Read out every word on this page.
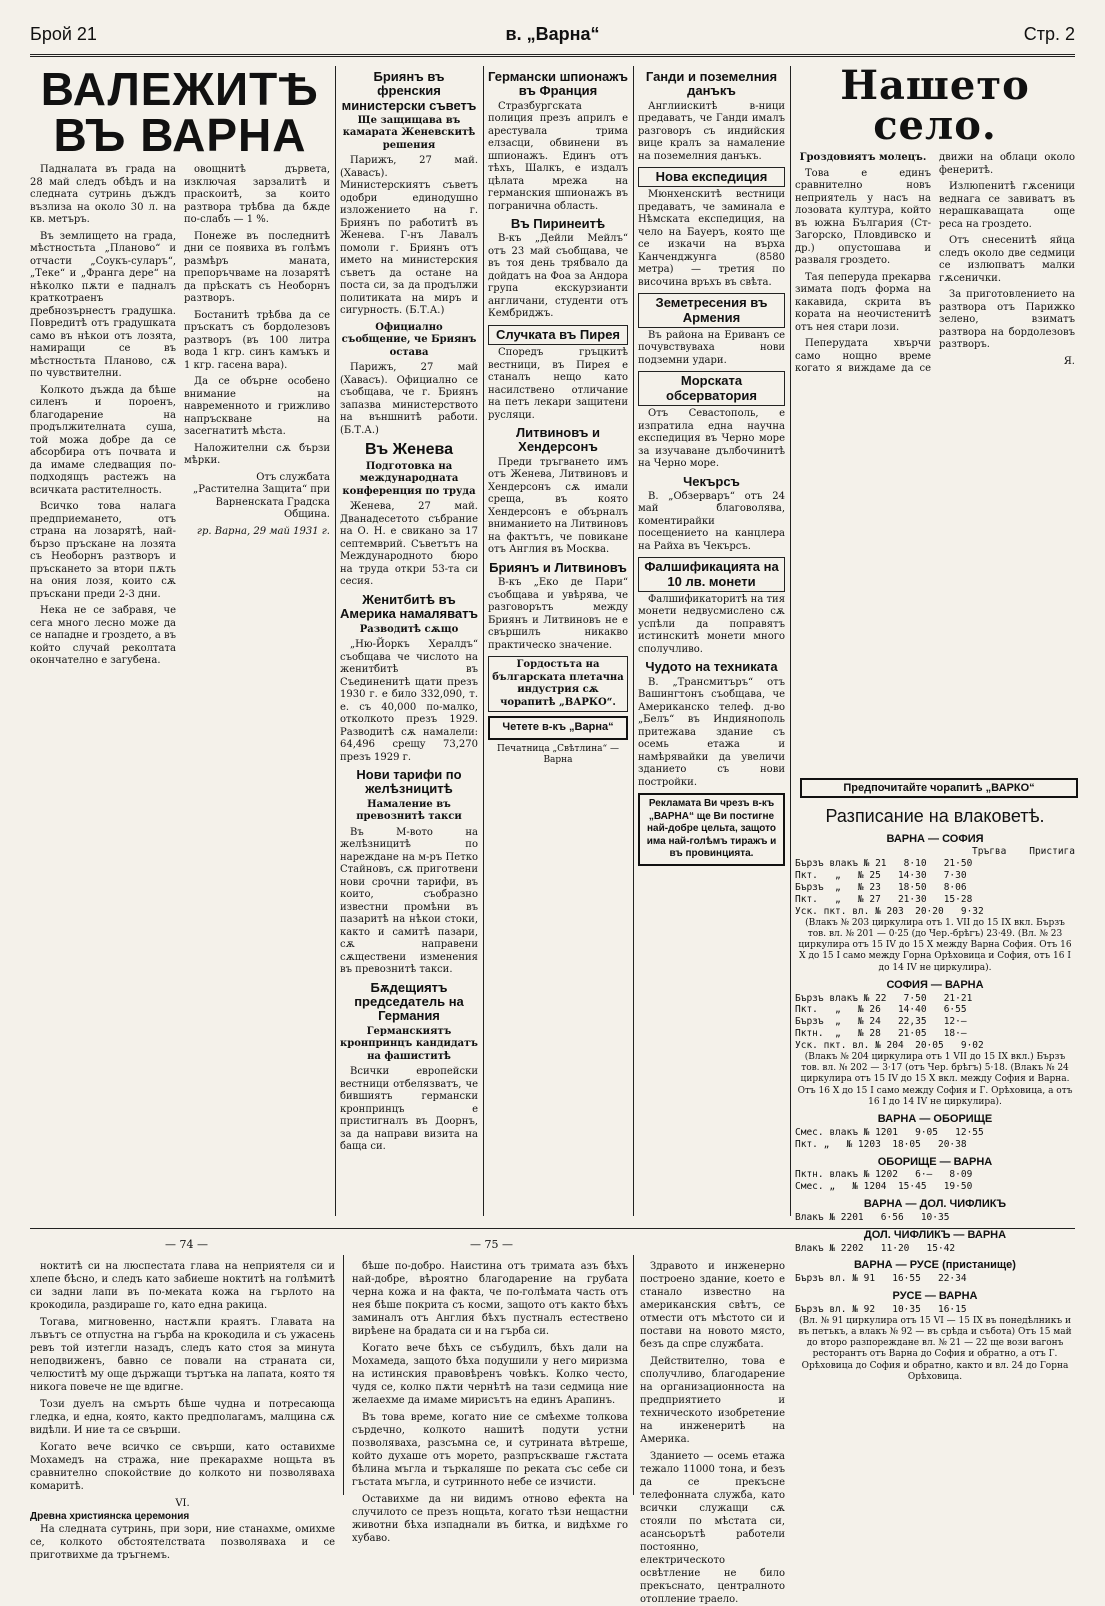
Брой 21	в. „Варна“	Стр. 2
ВАЛЕЖИТѢ ВЪ ВАРНА

Падналата въ града на 28 май следъ обѣдъ и на следната сутринь дъждъ възлиза на около 30 л. на кв. метъръ.

Въ землището на града, мѣстностьта „Планово“ и отчасти „Соукъ-суларъ“, „Теке“ и „Франга дере“ на нѣколко пѫти е падналъ краткотраенъ дребнозърнестъ градушка. Повредитѣ отъ градушката само въ нѣкои отъ лозята, намиращи се въ мѣстностьта Планово, сѫ по чувствителни.

Колкото дъжда да бѣше силенъ и пороенъ, благодарение на продължителната суша, той можа добре да се абсорбира отъ почвата и да имаме следващия по-подходящъ растежъ на всичката растителность.

Всичко това налага предприемането, отъ страна на лозарятѣ, най-бързо пръскане на лозята съ Необорнъ разтворъ и пръскането за втори пѫть на ония лозя, които сѫ пръскани преди 2-3 дни.

Нека не се забравя, че сега много лесно може да се нападне и гроздето, а въ който случай реколтата окончателно е загубена.

овощнитѣ дървета, изключая зарзалитѣ и праскоитѣ, за които разтвора трѣбва да бѫде по-слабъ — 1 %.

Понеже въ последнитѣ дни се появиха въ голѣмъ размѣръ маната, препоръчваме на лозарятѣ да прѣскатъ съ Необорнъ разтворъ.

Бостанитѣ трѣбва да се пръскатъ съ бордолезовъ разтворъ (въ 100 литра вода 1 кгр. синъ камъкъ и 1 кгр. гасена вара).

Да се обърне особено внимание на навременното и грижливо напръскване на засегнатитѣ мѣста.

Наложителни сѫ бързи мѣрки.

Отъ службата „Растителна Защита“ при Варненската Градска Община.

гр. Варна, 29 май 1931 г.

Бриянъ въ френския министерски съветъ
Ще защищава въ камарата Женевскитѣ решения

Парижъ, 27 май. (Хавасъ). Министерскиятъ съветъ одобри единодушно изложението на г. Бриянъ по работитѣ въ Женева. Г-нъ Лавалъ помоли г. Бриянъ отъ името на министерския съветъ да остане на поста си, за да продължи политиката на миръ и сигурность. (Б.Т.А.)

Официално съобщение, че Бриянъ остава

Парижъ, 27 май (Хавасъ). Официално се съобщава, че г. Бриянъ запазва министерството на външнитѣ работи. (Б.Т.А.)

Въ Женева
Подготовка на международната конференция по труда

Женева, 27 май. Дванадесетото събрание на О. Н. е свикано за 17 септемврий. Съветътъ на Международното бюро на труда откри 53-та си сесия.

Женитбитѣ въ Америка намаляватъ
Разводитѣ сѫщо

„Ню-Йоркъ Хералдъ“ съобщава че числото на женитбитѣ въ Съединенитѣ щати презъ 1930 г. е било 332,090, т. е. съ 40,000 по-малко, отколкото презъ 1929. Разводитѣ сѫ намалели: 64,496 срещу 73,270 презъ 1929 г.

Нови тарифи по желѣзницитѣ
Намаление въ превознитѣ такси

Въ М-вото на желѣзницитѣ по нареждане на м-ръ Петко Стайновъ, сѫ приготвени нови срочни тарифи, въ които, съобразно известни промѣни въ пазаритѣ на нѣкои стоки, както и самитѣ пазари, сѫ направени сѫществени изменения въ превознитѣ такси.

Бѫдещиятъ председатель на Германия
Германскиятъ кронпринцъ кандидатъ на фашиститѣ

Всички европейски вестници отбелязватъ, че бившиятъ германски кронпринцъ е пристигналъ въ Доорнъ, за да направи визита на баща си.

Германски шпионажъ въ Франция

Стразбургската полиция презъ априлъ е арестувала трима елзасци, обвинени въ шпионажъ. Единъ отъ тѣхъ, Шалкъ, е издалъ цѣлата мрежа на германския шпионажъ въ погранична область.

Въ Пиринеитѣ

В-къ „Дейли Мейлъ“ отъ 23 май съобщава, че въ тоя день трябвало да дойдатъ на Фоа за Андора група екскурзианти англичани, студенти отъ Кембриджъ.

Случката въ Пирея

Споредъ гръцкитѣ вестници, въ Пирея е станалъ нещо като насилствено отличание на петъ лекари защитени русляци.

Литвиновъ и Хендерсонъ

Преди тръгването имъ отъ Женева, Литвиновъ и Хендерсонъ сѫ имали среща, въ която Хендерсонъ е обърналъ вниманието на Литвиновъ на фактътъ, че повикане отъ Англия въ Москва.

Бриянъ и Литвиновъ

В-къ „Еко де Пари“ съобщава и увѣрява, че разговорътъ между Бриянъ и Литвиновъ не е свършилъ никакво практическо значение.

Гордостьта на българската плетачна индустрия сѫ чорапитѣ „ВАРКО“.
Четете в-къ „Варна“
Печатница „Свѣтлина“ — Варна
Ганди и поземелния данъкъ

Англиискитѣ в-ници предаватъ, че Ганди ималъ разговоръ съ индийския вице кралъ за намаление на поземелния данъкъ.

Нова експедиция

Мюнхенскитѣ вестници предаватъ, че заминала е Нѣмската експедиция, на чело на Бауеръ, която ще се изкачи на върха Канченджунга (8580 метра) — третия по височина връхъ въ свѣта.

Земетресения въ Армения

Въ района на Ериванъ се почувствуваха нови подземни удари.

Морската обсерватория

Отъ Севастополь, е изпратила една научна експедиция въ Черно море за изучаване дълбочинитѣ на Черно море.

Чекърсъ

В. „Обзерваръ“ отъ 24 май благоволява, коментирайки посещението на канцлера на Райха въ Чекърсъ.

Фалшификацията на 10 лв. монети

Фалшификаторитѣ на тия монети недвусмислено сѫ успѣли да поправятъ истинскитѣ монети много сполучливо.

Чудото на техниката

В. „Трансмитъръ“ отъ Вашингтонъ съобщава, че Американско телеф. д-во „Белъ“ въ Индиянополь притежава здание съ осемь етажа и намѣрявайки да увеличи зданието съ нови постройки.

Рекламата Ви чрезъ в-къ „ВАРНА“ ще Ви постигне най-добре цельта, защото има най-голѣмъ тиражъ и въ провинцията.
Нашето село.
Гроздовиятъ молецъ.

Това е единъ сравнително новъ неприятель у насъ на лозовата култура, който въ южна България (Ст-Загорско, Пловдивско и др.) опустошава и разваля гроздето.

Тая пеперуда прекарва зимата подъ форма на какавида, скрита въ кората на неочистенитѣ отъ нея стари лози.

Пеперудата хвърчи само нощно време когато я виждаме да се движи на облаци около фенеритѣ.

Излюпенитѣ гѫсеници веднага се завиватъ въ нерашкаващата още реса на гроздето.

Отъ снесенитѣ яйца следъ около две седмици се излюпватъ малки гѫсенички.

За приготовлението на разтвора отъ Парижко зелено, взиматъ разтвора на бордолезовъ разтворъ.

Я.

Предпочитайте чорапитѣ „ВАРКО“
Разписание на влаковетѣ.
ВАРНА — СОФИЯ
Тръгва    Пристига
Бързъ влакъ № 21   8·10   21·50
Пкт.   „   № 25   14·30   7·30
Бързъ  „   № 23   18·50   8·06
Пкт.   „   № 27   21·30   15·28
Уск. пкт. вл. № 203  20·20   9·32
(Влакъ № 203 циркулира отъ 1. VII до 15 IX вкл. Бързъ тов. вл. № 201 — 0·25 (до Чер.-брѣгъ) 23·49. (Вл. № 23 циркулира отъ 15 IV до 15 X между Варна София. Отъ 16 X до 15 I само между Горна Орѣховица и София, отъ 16 I до 14 IV не циркулира).
СОФИЯ — ВАРНА
Бързъ влакъ № 22   7·50   21·21
Пкт.   „   № 26   14·40   6·55
Бързъ  „   № 24   22,35   12·—
Пктн.  „   № 28   21·05   18·—
Уск. пкт. вл. № 204  20·05   9·02
(Влакъ № 204 циркулира отъ 1 VII до 15 IX вкл.) Бързъ тов. вл. № 202 — 3·17 (отъ Чер. брѣгъ) 5·18. (Влакъ № 24 циркулира отъ 15 IV до 15 X вкл. между София и Варна. Отъ 16 X до 15 I само между София и Г. Орѣховица, а отъ 16 I до 14 IV не циркулира).
ВАРНА — ОБОРИЩЕ
Смес. влакъ № 1201   9·05   12·55
Пкт. „   № 1203  18·05   20·38
ОБОРИЩЕ — ВАРНА
Пктн. влакъ № 1202   6·—   8·09
Смес. „   № 1204  15·45   19·50
ВАРНА — ДОЛ. ЧИФЛИКЪ
Влакъ № 2201   6·56   10·35
ДОЛ. ЧИФЛИКЪ — ВАРНА
Влакъ № 2202   11·20   15·42
ВАРНА — РУСЕ (пристанище)
Бързъ вл. № 91   16·55   22·34
РУСЕ — ВАРНА
Бързъ вл. № 92   10·35   16·15
(Вл. № 91 циркулира отъ 15 VI — 15 IX въ понедѣлникъ и въ петъкъ, а влакъ № 92 — въ срѣда и съботa) Отъ 15 май до второ разпореждане вл. № 21 — 22 ще вози вагонъ ресторантъ отъ Варна до София и обратно, а отъ Г. Орѣховица до София и обратно, както и вл. 24 до Горна Орѣховица.
— 74 —	— 75 —

ноктитѣ си на люспестата глава на неприятеля си и хлепе бѣсно, и следъ като забиеше ноктитѣ на голѣмитѣ си задни лапи въ по-меката кожа на гърлото на крокодила, раздираше го, като една ракица.

Тогава, мигновенно, настѫпи краятъ. Главата на лъвътъ се отпустна на гърба на крокодила и съ ужасень ревъ той изтегли назадъ, следъ като стоя за минута неподвиженъ, бавно се повали на страната си, челюститѣ му още държащи търтъка на лапата, която тя никога повече не ще вдигне.

Този дуелъ на смърть бѣше чудна и потресающа гледка, и една, която, както предполагамъ, малцина сѫ видѣли. И ние та се свърши.

Когато вече всичко се свърши, като оставихме Мохамедъ на стража, ние прекарахме нощьта въ сравнително спокойствие до колкото ни позволяваха комаритѣ.

VI.
Древна християнска церемония

На следната сутринь, при зори, ние станахме, омихме се, колкото обстоятелствата позволяваха и се приготвихме да тръгнемъ.

бѣше по-добро. Наистина отъ тримата азъ бѣхъ най-добре, вѣроятно благодарение на грубата черна кожа и на факта, че по-голѣмата часть отъ нея бѣше покрита съ косми, защото отъ както бѣхъ заминалъ отъ Англия бѣхъ пустналъ естествено вирѣене на брадата си и на гърба си.

Когато вече бѣхъ се събудилъ, бѣхъ дали на Мохамеда, защото бѣха подушили у него миризма на истинския правовѣренъ човѣкъ. Колко често, чудя се, колко пѫти чернѣтѣ на тази седмица ние желаехме да имаме мирисътъ на единъ Арапинъ.

Въ това време, когато ние се смѣехме толкова сърдечно, колкото нашитѣ подути устни позволяваха, разсъмна се, и сутрината вѣтреше, който духаше отъ морето, разпръскваше гѫстата бѣлина мъгла и търкаляше по реката със себе си гъстата мъгла, и сутринното небе се изчисти.

Оставихме да ни видимъ отново ефекта на случилото се презъ нощьта, когато тѣзи нещастни животни бѣха изпаднали въ битка, и видѣхме го хубаво.

Здравото и инженерно построено здание, което е станало известно на американския свѣтъ, се отмести отъ мѣстото си и постави на новото място, безъ да спре службата.

Действително, това е сполучливо, благодарение на организационноста на предприятието и техническото изобретение на инженеритѣ на Америка.

Зданието — осемь етажа тежало 11000 тона, и безъ да се прекъсне телефонната служба, като всички служащи сѫ стояли по мѣстата си, асансьорътѣ работели постоянно, електрическото освѣтление не било прекъснато, централното отопление траело.
